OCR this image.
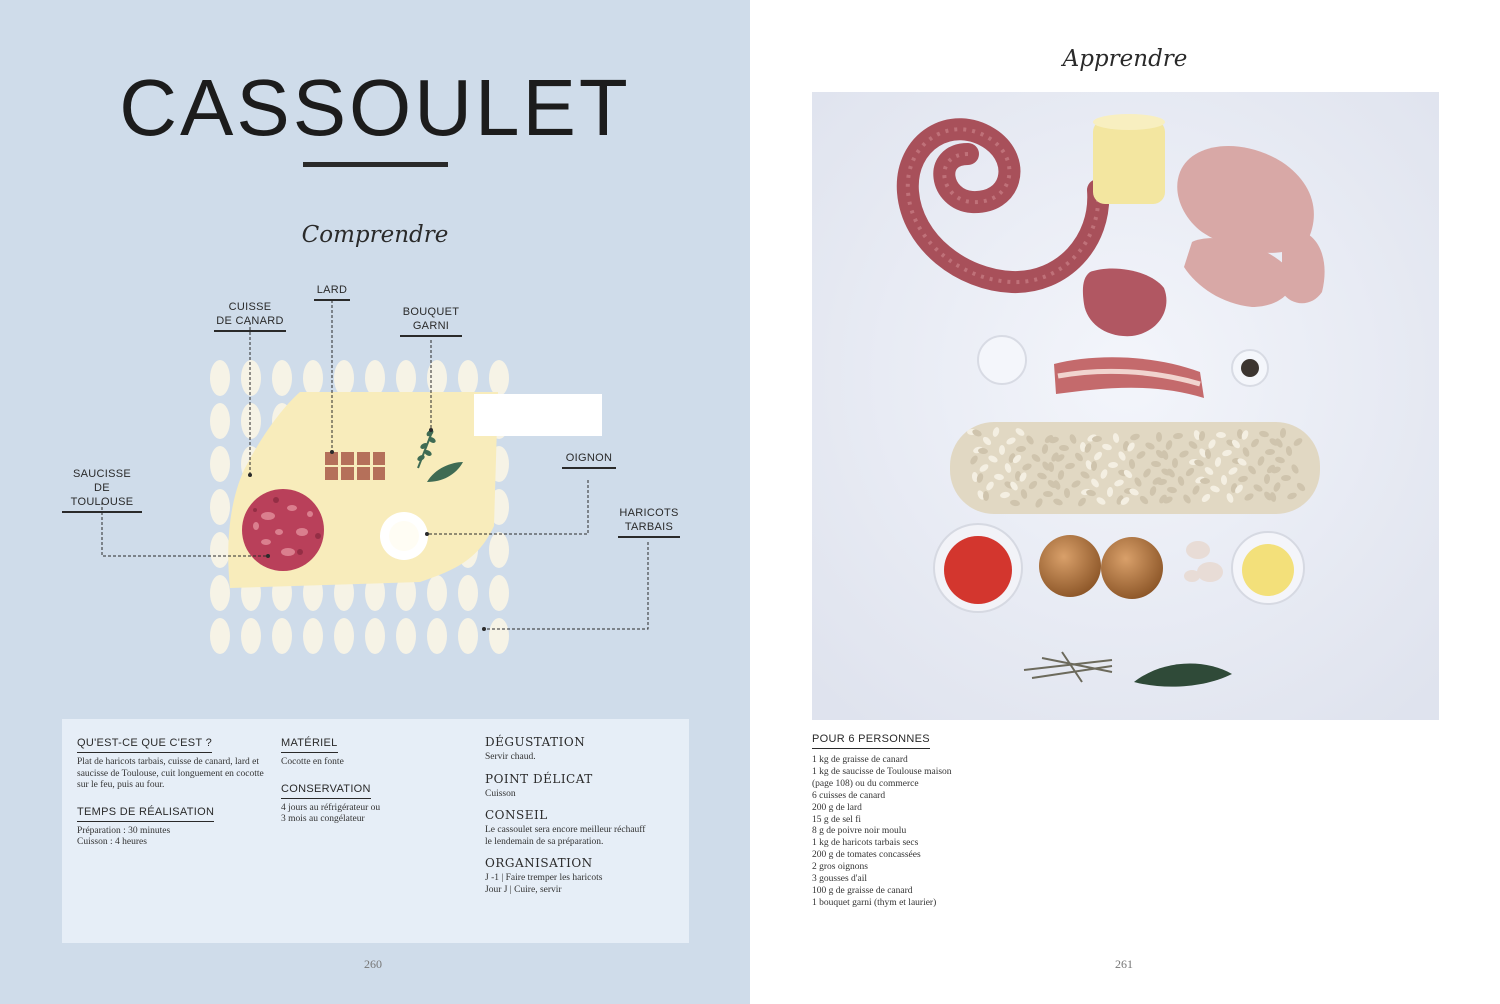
CASSOULET
Comprendre
CUISSE
DE CANARD
LARD
BOUQUET
GARNI
SAUCISSE
DE TOULOUSE
OIGNON
HARICOTS
TARBAIS
QU'EST-CE QUE C'EST ?
Plat de haricots tarbais, cuisse de canard, lard et saucisse de Toulouse, cuit longuement en cocotte sur le feu, puis au four.
TEMPS DE RÉALISATION
Préparation : 30 minutes
Cuisson : 4 heures
MATÉRIEL
Cocotte en fonte
CONSERVATION
4 jours au réfrigérateur ou
3 mois au congélateur
DÉGUSTATION
Servir chaud.
POINT DÉLICAT
Cuisson
CONSEIL
Le cassoulet sera encore meilleur réchauff
le lendemain de sa préparation.
ORGANISATION
J -1 | Faire tremper les haricots
Jour J | Cuire, servir
260
Apprendre
POUR 6 PERSONNES
1 kg de graisse de canard
1 kg de saucisse de Toulouse maison
(page 108) ou du commerce
6 cuisses de canard
200 g de lard
15 g de sel fi
8 g de poivre noir moulu
1 kg de haricots tarbais secs
200 g de tomates concassées
2 gros oignons
3 gousses d'ail
100 g de graisse de canard
1 bouquet garni (thym et laurier)
261
